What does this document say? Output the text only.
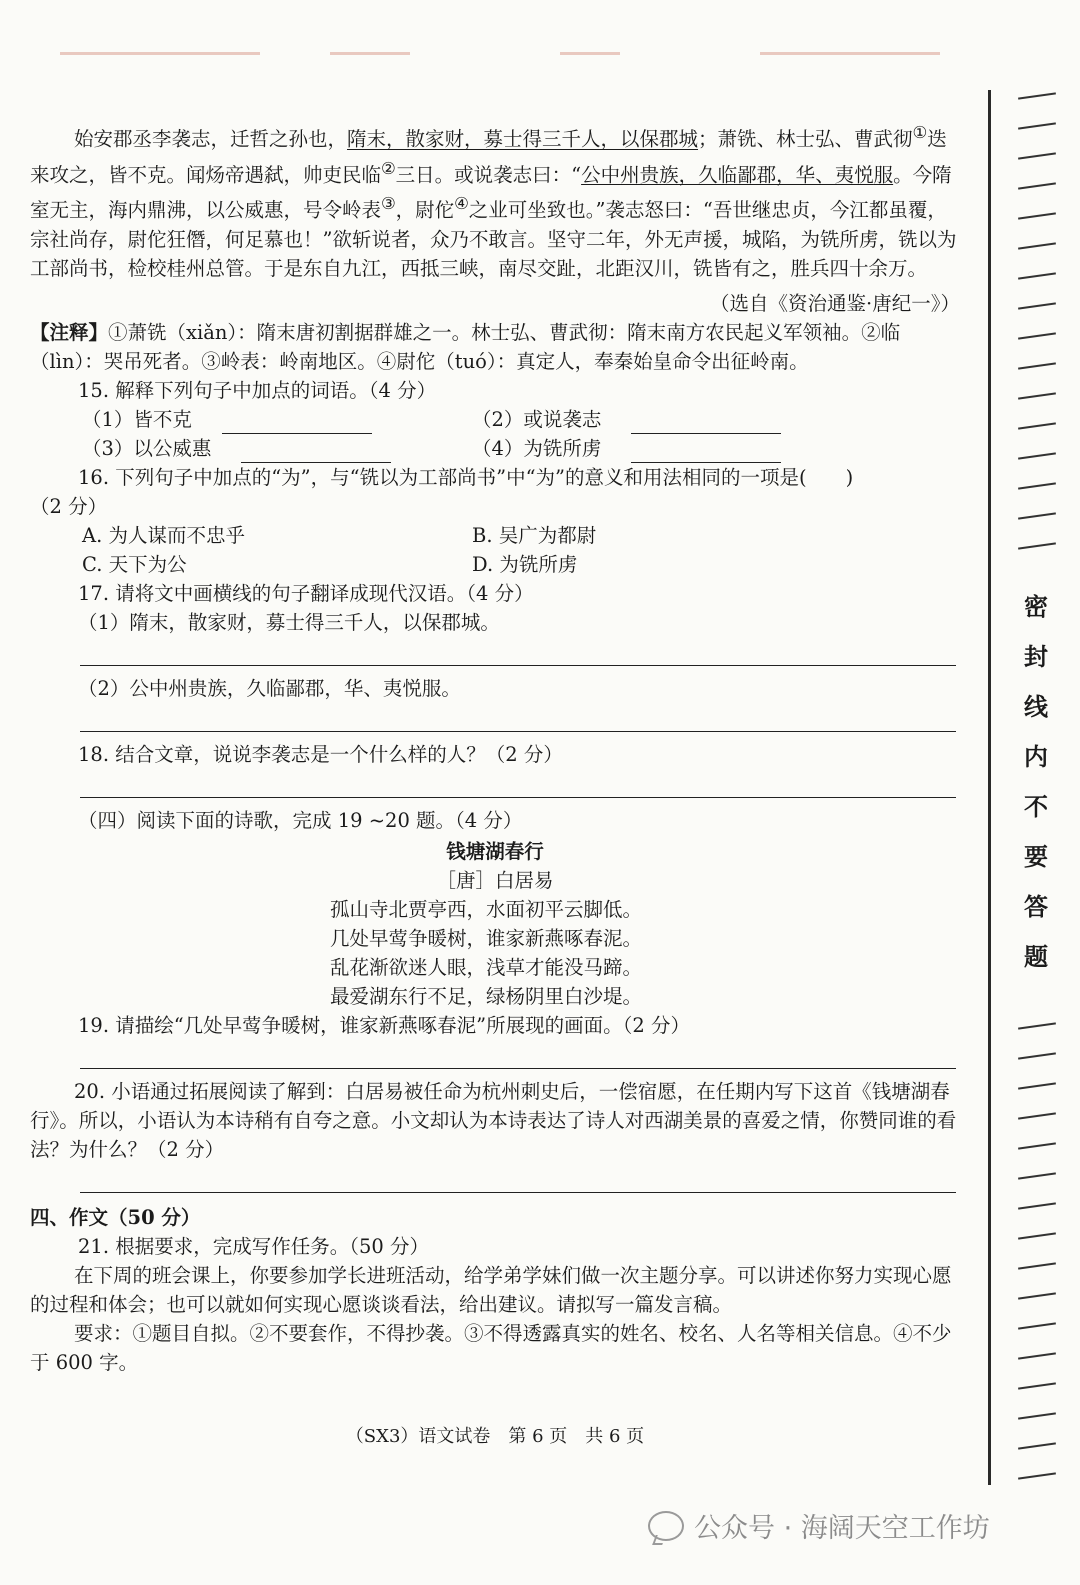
密
封
线
内
不
要
答
题
始安郡丞李袭志，迁哲之孙也，隋末，散家财，募士得三千人，以保郡城；萧铣、林士弘、曹武彻①迭来攻之，皆不克。闻炀帝遇弑，帅吏民临②三日。或说袭志曰：“公中州贵族，久临鄙郡，华、夷悦服。今隋室无主，海内鼎沸，以公威惠，号令岭表③，尉佗④之业可坐致也。”袭志怒曰：“吾世继忠贞，今江都虽覆，宗社尚存，尉佗狂僭，何足慕也！”欲斩说者，众乃不敢言。坚守二年，外无声援，城陷，为铣所虏，铣以为工部尚书，检校桂州总管。于是东自九江，西抵三峡，南尽交趾，北距汉川，铣皆有之，胜兵四十余万。
（选自《资治通鉴·唐纪一》）
【注释】①萧铣（xiǎn）：隋末唐初割据群雄之一。林士弘、曹武彻：隋末南方农民起义军领袖。②临（lìn）：哭吊死者。③岭表：岭南地区。④尉佗（tuó）：真定人，奉秦始皇命令出征岭南。
15. 解释下列句子中加点的词语。（4 分）
（1）皆不克	（2）或说袭志
（3）以公威惠	（4）为铣所虏
16. 下列句子中加点的“为”，与“铣以为工部尚书”中“为”的意义和用法相同的一项是(　　)
（2 分）
A. 为人谋而不忠乎	B. 吴广为都尉
C. 天下为公	D. 为铣所虏
17. 请将文中画横线的句子翻译成现代汉语。（4 分）
（1）隋末，散家财，募士得三千人，以保郡城。
（2）公中州贵族，久临鄙郡，华、夷悦服。
18. 结合文章，说说李袭志是一个什么样的人？（2 分）
（四）阅读下面的诗歌，完成 19 ~20 题。（4 分）
钱塘湖春行
［唐］白居易
孤山寺北贾亭西，水面初平云脚低。
几处早莺争暖树，谁家新燕啄春泥。
乱花渐欲迷人眼，浅草才能没马蹄。
最爱湖东行不足，绿杨阴里白沙堤。
19. 请描绘“几处早莺争暖树，谁家新燕啄春泥”所展现的画面。（2 分）
20. 小语通过拓展阅读了解到：白居易被任命为杭州刺史后，一偿宿愿，在任期内写下这首《钱塘湖春行》。所以，小语认为本诗稍有自夸之意。小文却认为本诗表达了诗人对西湖美景的喜爱之情，你赞同谁的看法？为什么？（2 分）
四、作文（50 分）
21. 根据要求，完成写作任务。（50 分）
在下周的班会课上，你要参加学长进班活动，给学弟学妹们做一次主题分享。可以讲述你努力实现心愿的过程和体会；也可以就如何实现心愿谈谈看法，给出建议。请拟写一篇发言稿。
要求：①题目自拟。②不要套作，不得抄袭。③不得透露真实的姓名、校名、人名等相关信息。④不少于 600 字。
（SX3）语文试卷　第 6 页　共 6 页
公众号 · 海阔天空工作坊
